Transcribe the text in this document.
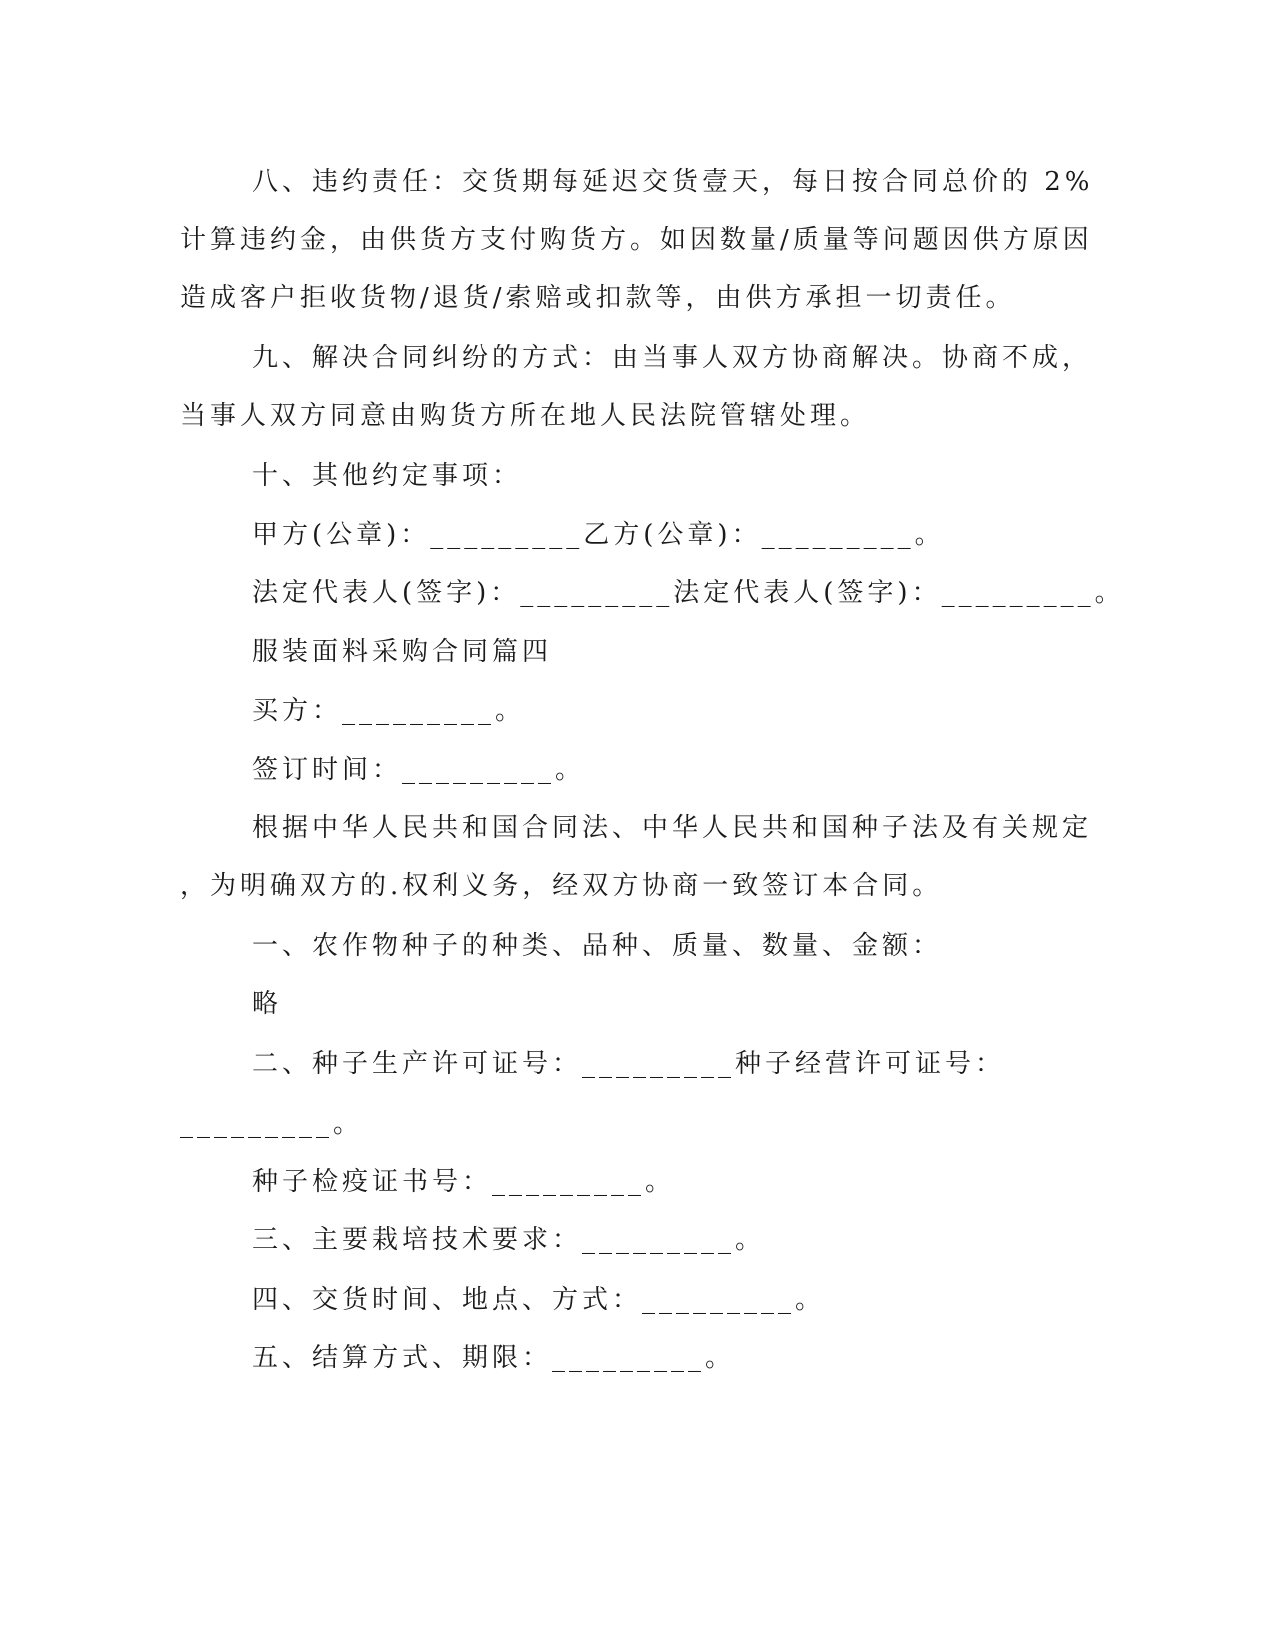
八、违约责任：交货期每延迟交货壹天，每日按合同总价的 2%
计算违约金，由供货方支付购货方。如因数量/质量等问题因供方原因
造成客户拒收货物/退货/索赔或扣款等，由供方承担一切责任。
九、解决合同纠纷的方式：由当事人双方协商解决。协商不成，
当事人双方同意由购货方所在地人民法院管辖处理。
十、其他约定事项：
甲方(公章)：_________乙方(公章)：_________。
法定代表人(签字)：_________法定代表人(签字)：_________。
服装面料采购合同篇四
买方：_________。
签订时间：_________。
根据中华人民共和国合同法、中华人民共和国种子法及有关规定
，为明确双方的.权利义务，经双方协商一致签订本合同。
一、农作物种子的种类、品种、质量、数量、金额：
略
二、种子生产许可证号：_________种子经营许可证号：
_________。
种子检疫证书号：_________。
三、主要栽培技术要求：_________。
四、交货时间、地点、方式：_________。
五、结算方式、期限：_________。
